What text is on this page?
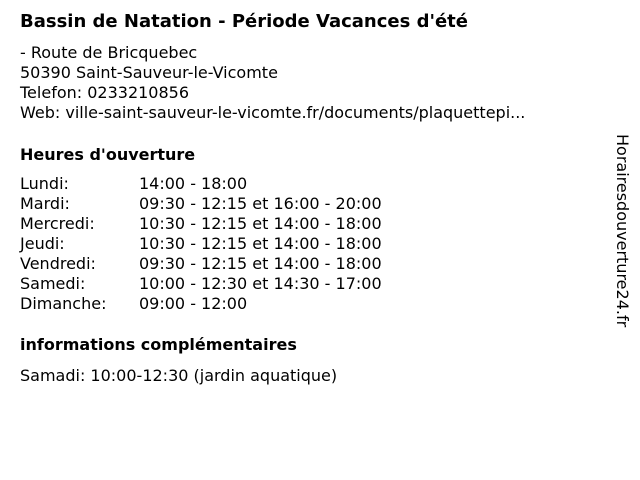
Bassin de Natation - Période Vacances d'été
- Route de Bricquebec
50390 Saint-Sauveur-le-Vicomte
Telefon: 0233210856
Web: ville-saint-sauveur-le-vicomte.fr/documents/plaquettepi...
Heures d'ouverture
Lundi:	14:00 - 18:00
Mardi:	09:30 - 12:15 et 16:00 - 20:00
Mercredi:	10:30 - 12:15 et 14:00 - 18:00
Jeudi:	10:30 - 12:15 et 14:00 - 18:00
Vendredi:	09:30 - 12:15 et 14:00 - 18:00
Samedi:	10:00 - 12:30 et 14:30 - 17:00
Dimanche: 09:00 - 12:00
informations complémentaires
Samadi: 10:00-12:30 (jardin aquatique)
Horairesdouverture24.fr
